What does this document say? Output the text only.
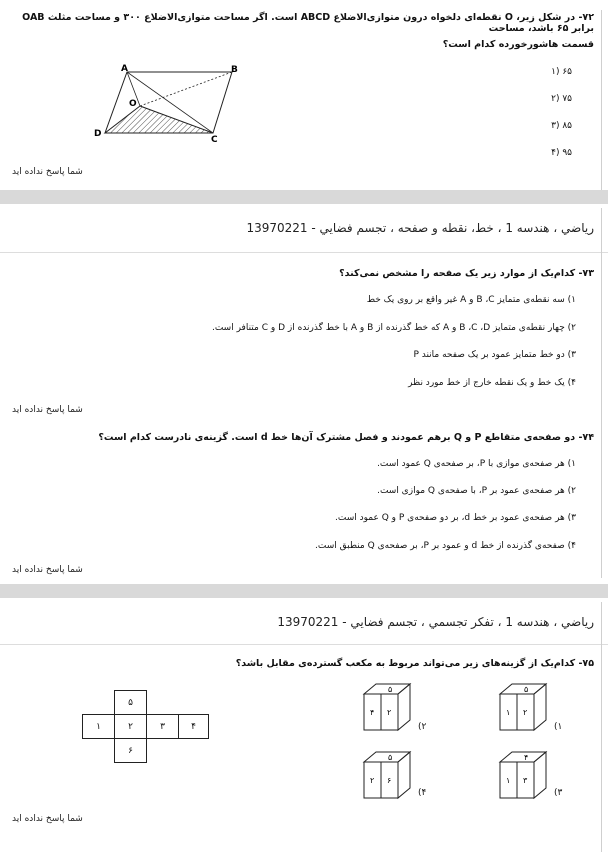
۷۲- در شکل زیر، O نقطه‌ای دلخواه درون متوازی‌الاضلاع ABCD است. اگر مساحت متوازی‌الاضلاع ۳۰۰ و مساحت مثلث OAB برابر ۶۵ باشد، مساحت
قسمت هاشورخورده کدام است؟
A	B
O
D
C
۶۵ (۱
۷۵ (۲
۸۵ (۳
۹۵ (۴
شما پاسخ نداده اید
رياضي ، هندسه 1 ، خط، نقطه و صفحه ، تجسم فضايي - 13970221
۷۳- کدام‌یک از موارد زیر یک صفحه را مشخص نمی‌کند؟
۱) سه نقطه‌ی متمایز B ،C و A غیر واقع بر روی یک خط
۲) چهار نقطه‌ی متمایز B ،C ،D و A که خط گذرنده از B و A با خط گذرنده از D و C متنافر است.
۳) دو خط متمایز عمود بر یک صفحه مانند P
۴) یک خط و یک نقطه خارج از خط مورد نظر
شما پاسخ نداده اید
۷۴- دو صفحه‌ی متقاطع P و Q برهم عمودند و فصل مشترک آن‌ها خط d است. گزینه‌ی نادرست کدام است؟
۱) هر صفحه‌ی موازی با P، بر صفحه‌ی Q عمود است.
۲) هر صفحه‌ی عمود بر P، با صفحه‌ی Q موازی است.
۳) هر صفحه‌ی عمود بر خط d، بر دو صفحه‌ی P و Q عمود است.
۴) صفحه‌ی گذرنده از خط d و عمود بر P، بر صفحه‌ی Q منطبق است.
شما پاسخ نداده اید
رياضي ، هندسه 1 ، تفکر تجسمي ، تجسم فضايي - 13970221
۷۵- کدام‌یک از گزینه‌های زیر می‌تواند مربوط به مکعب گسترده‌ی مقابل باشد؟
۵
۱	۲	۳	۴
۶
۵
۱ ۲
(۱
۵
۴ ۲
(۲
۴
۱ ۳
(۳
۵
۲ ۶
(۴
شما پاسخ نداده اید
